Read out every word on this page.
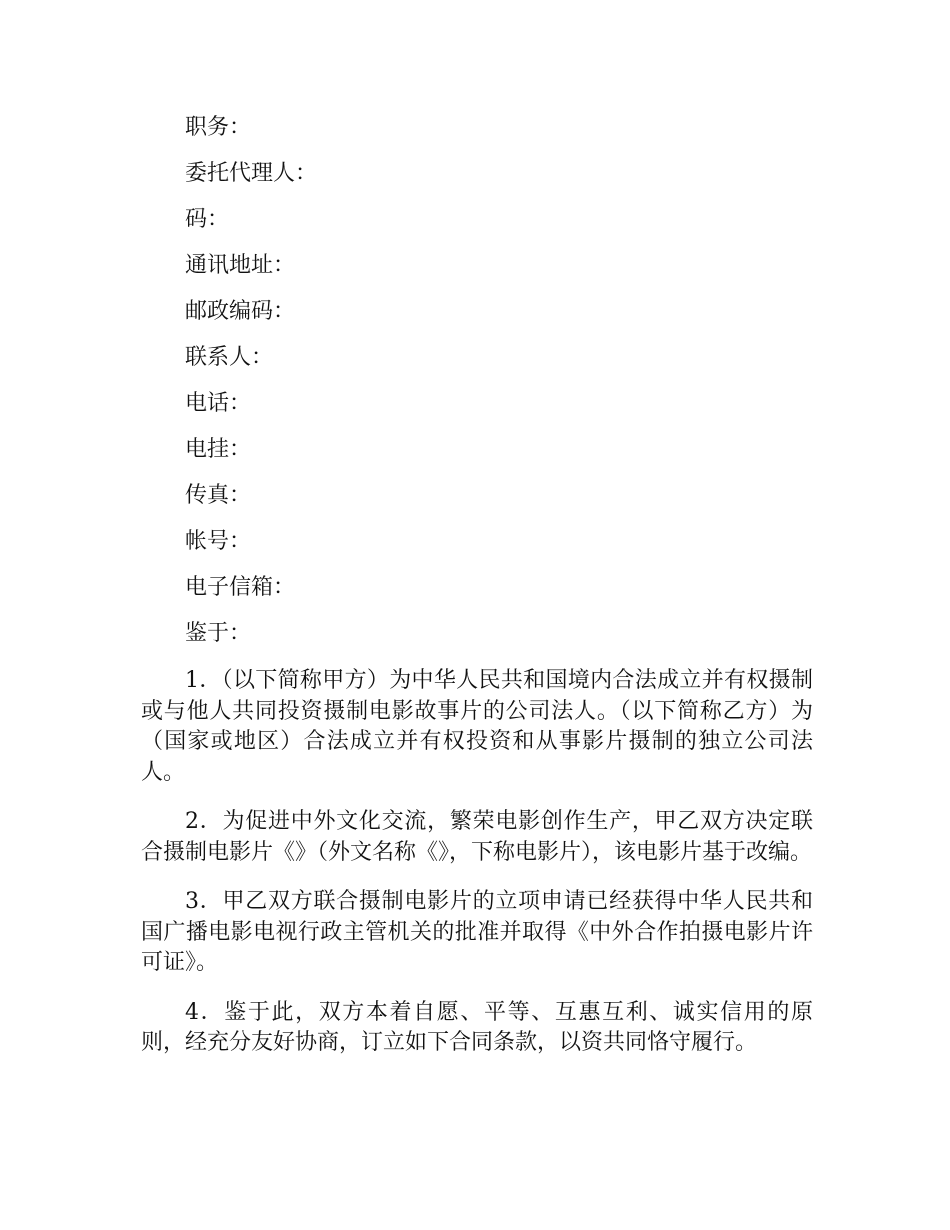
职务：
委托代理人：
码：
通讯地址：
邮政编码：
联系人：
电话：
电挂：
传真：
帐号：
电子信箱：
鉴于：

1．（以下简称甲方）为中华人民共和国境内合法成立并有权摄制或与他人共同投资摄制电影故事片的公司法人。（以下简称乙方）为（国家或地区）合法成立并有权投资和从事影片摄制的独立公司法人。

2．为促进中外文化交流，繁荣电影创作生产，甲乙双方决定联合摄制电影片《》（外文名称《》，下称电影片），该电影片基于改编。

3．甲乙双方联合摄制电影片的立项申请已经获得中华人民共和国广播电影电视行政主管机关的批准并取得《中外合作拍摄电影片许可证》。

4．鉴于此，双方本着自愿、平等、互惠互利、诚实信用的原则，经充分友好协商，订立如下合同条款，以资共同恪守履行。
